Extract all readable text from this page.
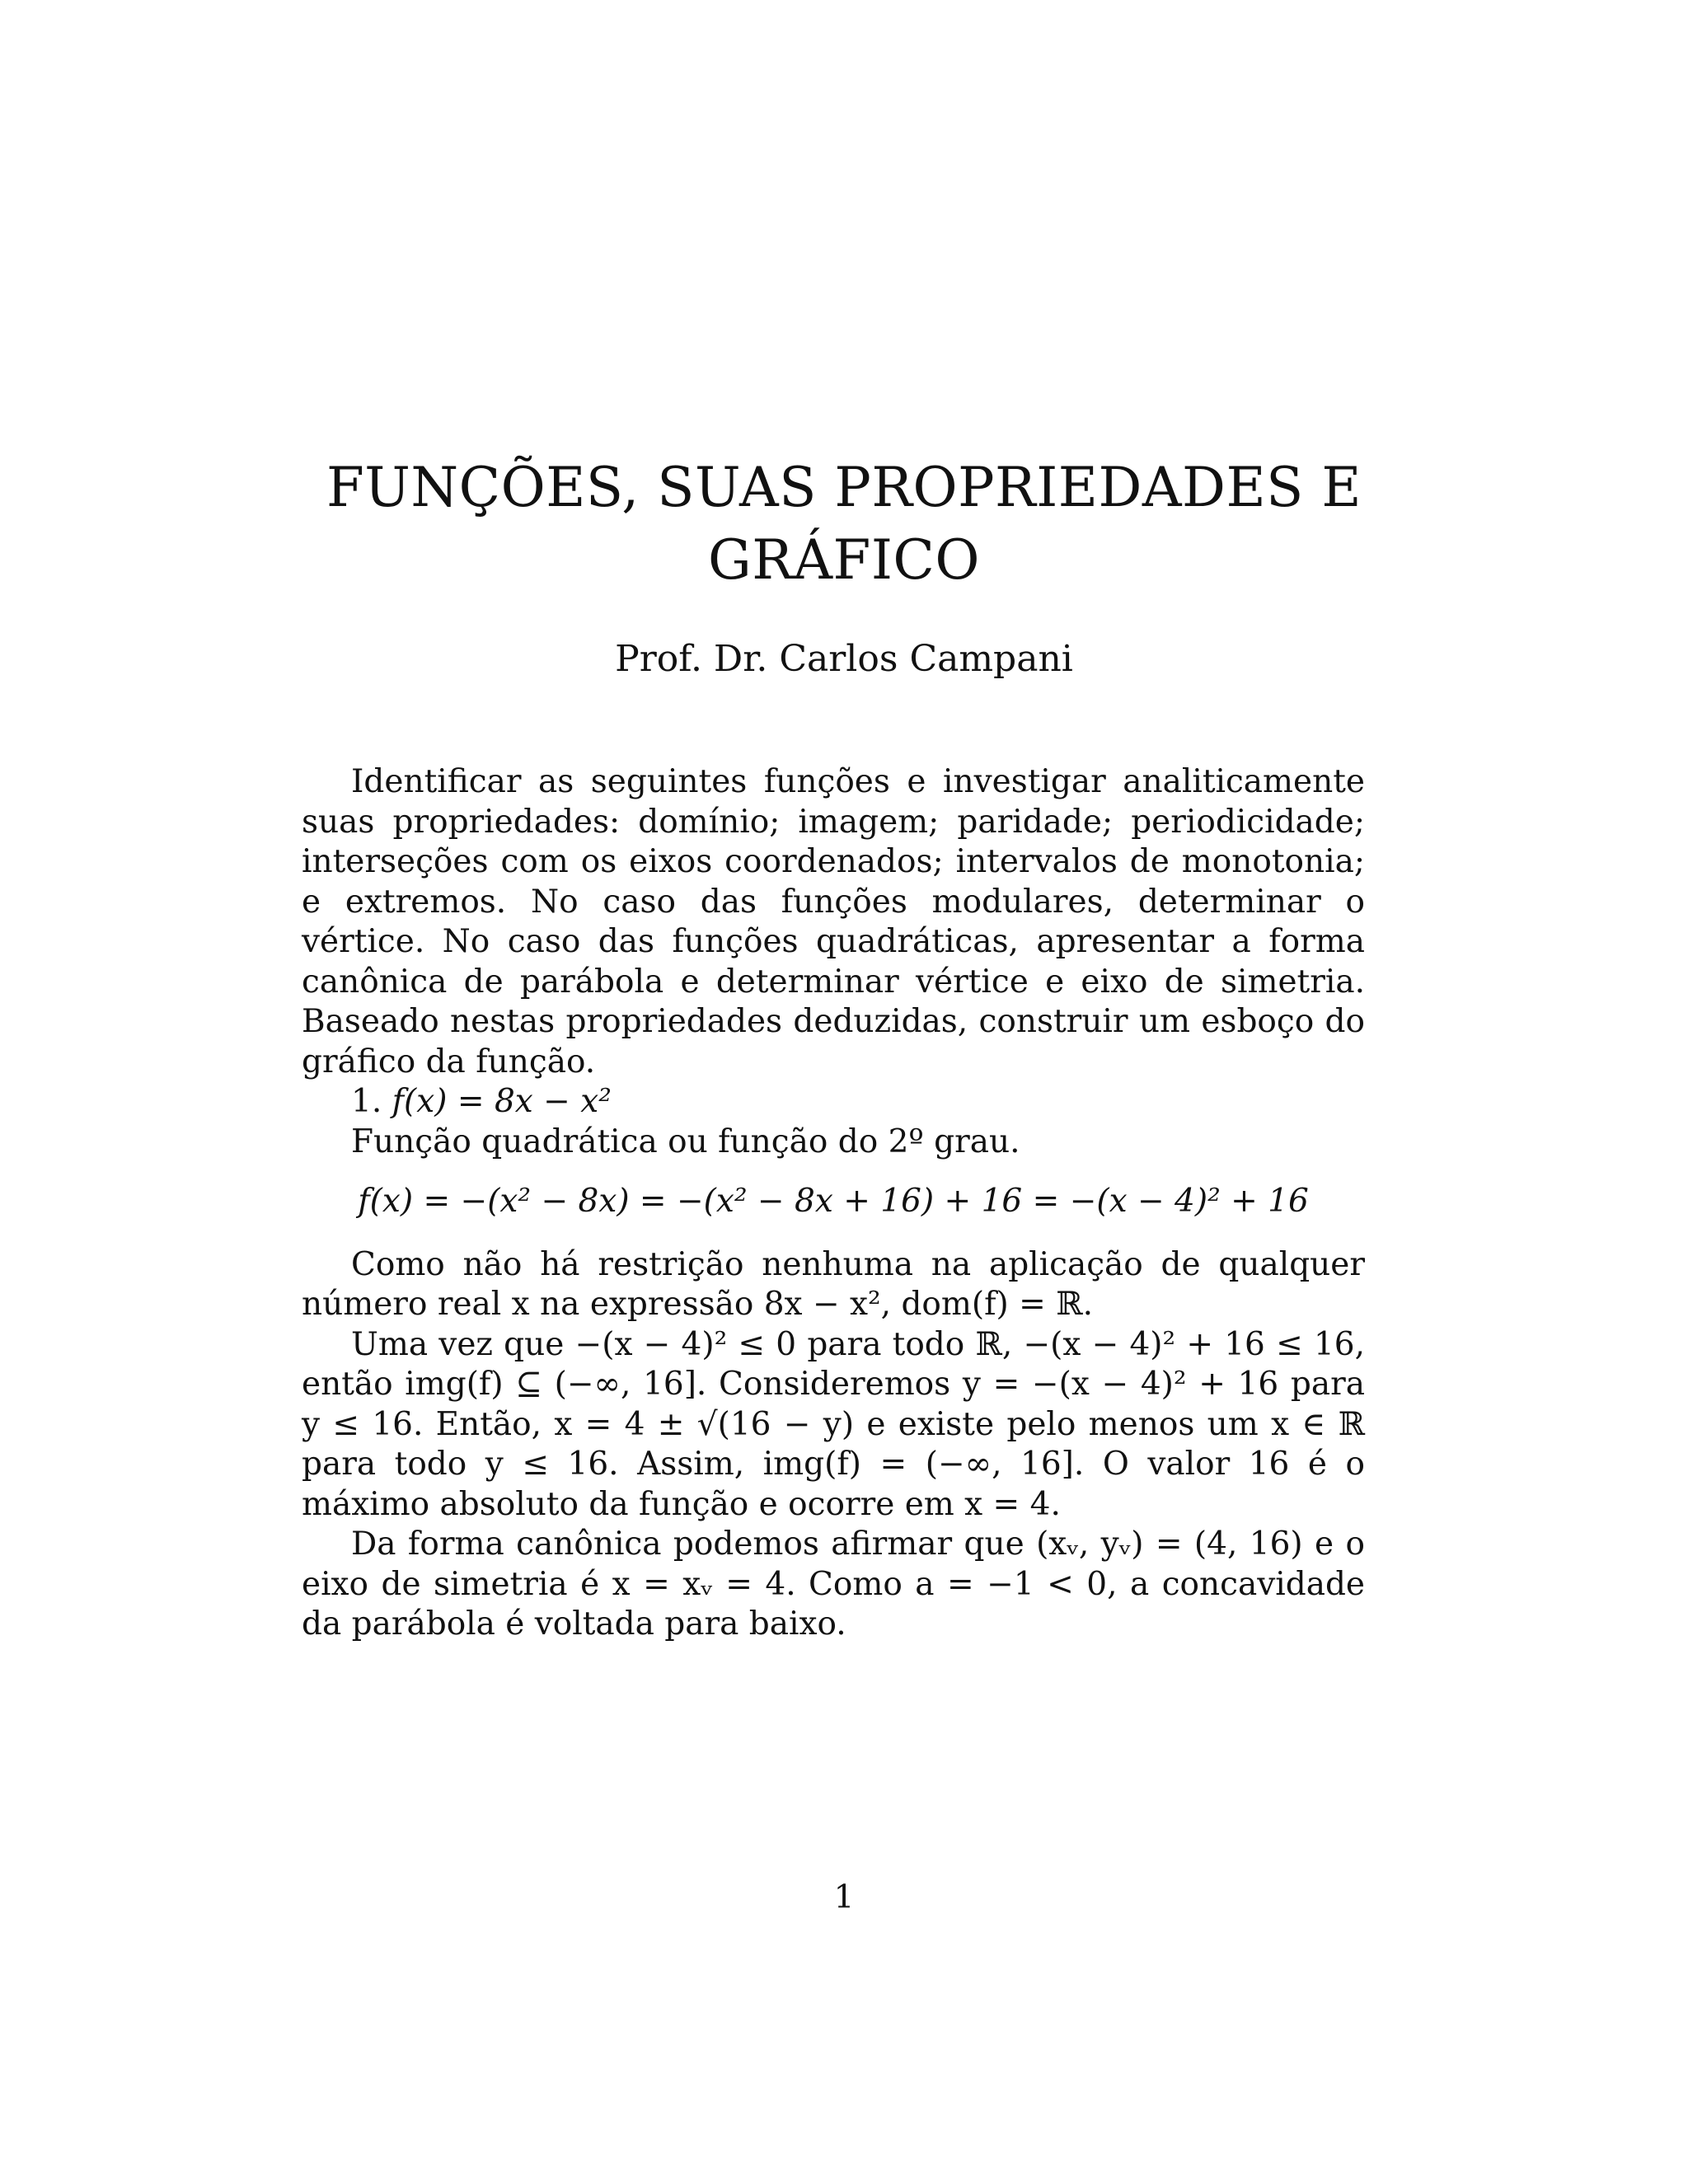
FUNÇÕES, SUAS PROPRIEDADES E
GRÁFICO
Prof. Dr. Carlos Campani
Identificar as seguintes funções e investigar analiticamente suas propriedades: domínio; imagem; paridade; periodicidade; interseções com os eixos coordenados; intervalos de monotonia; e extremos. No caso das funções modulares, determinar o vértice. No caso das funções quadráticas, apresentar a forma canônica de parábola e determinar vértice e eixo de simetria. Baseado nestas propriedades deduzidas, construir um esboço do gráfico da função.
1. f(x) = 8x − x²
Função quadrática ou função do 2º grau.
f(x) = −(x² − 8x) = −(x² − 8x + 16) + 16 = −(x − 4)² + 16
Como não há restrição nenhuma na aplicação de qualquer número real x na expressão 8x − x², dom(f) = ℝ.
Uma vez que −(x − 4)² ≤ 0 para todo ℝ, −(x − 4)² + 16 ≤ 16, então img(f) ⊆ (−∞, 16]. Consideremos y = −(x − 4)² + 16 para y ≤ 16. Então, x = 4 ± √(16 − y) e existe pelo menos um x ∈ ℝ para todo y ≤ 16. Assim, img(f) = (−∞, 16]. O valor 16 é o máximo absoluto da função e ocorre em x = 4.
Da forma canônica podemos afirmar que (xᵥ, yᵥ) = (4, 16) e o eixo de simetria é x = xᵥ = 4. Como a = −1 < 0, a concavidade da parábola é voltada para baixo.
1
